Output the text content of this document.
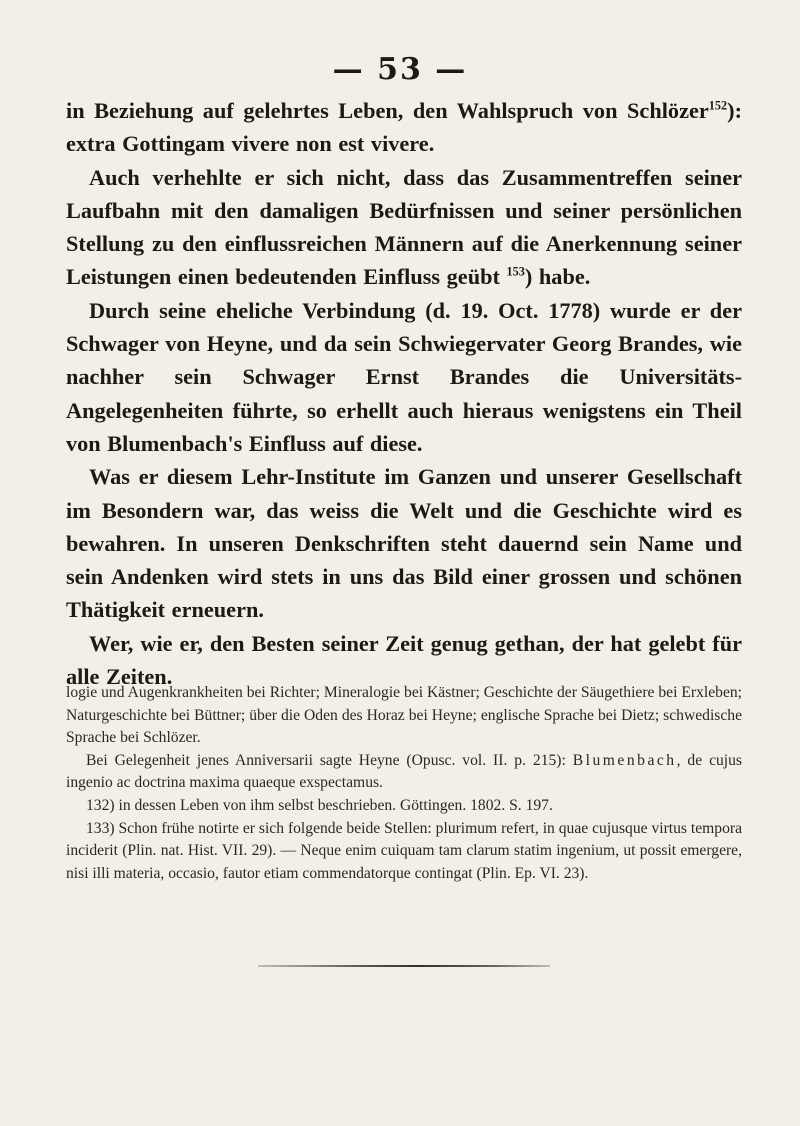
— 53 —

in Beziehung auf gelehrtes Leben, den Wahlspruch von Schlözer$^{152}$): extra Gottingam vivere non est vivere.

Auch verhehlte er sich nicht, dass das Zusammentreffen seiner Laufbahn mit den damaligen Bedürfnissen und seiner persönlichen Stellung zu den einflussreichen Männern auf die Anerkennung seiner Leistungen einen bedeutenden Einfluss geübt $^{153}$) habe.

Durch seine eheliche Verbindung (d. 19. Oct. 1778) wurde er der Schwager von Heyne, und da sein Schwiegervater Georg Brandes, wie nachher sein Schwager Ernst Brandes die Universitäts-Angelegenheiten führte, so erhellt auch hieraus wenigstens ein Theil von Blumenbach's Einfluss auf diese.

Was er diesem Lehr-Institute im Ganzen und unserer Gesellschaft im Besondern war, das weiss die Welt und die Geschichte wird es bewahren. In unseren Denkschriften steht dauernd sein Name und sein Andenken wird stets in uns das Bild einer grossen und schönen Thätigkeit erneuern.

Wer, wie er, den Besten seiner Zeit genug gethan, der hat gelebt für alle Zeiten.

logie und Augenkrankheiten bei Richter; Mineralogie bei Kästner; Geschichte der Säugethiere bei Erxleben; Naturgeschichte bei Büttner; über die Oden des Horaz bei Heyne; englische Sprache bei Dietz; schwedische Sprache bei Schlözer.

Bei Gelegenheit jenes Anniversarii sagte Heyne (Opusc. vol. II. p. 215): Blumenbach, de cujus ingenio ac doctrina maxima quaeque exspectamus.

132) in dessen Leben von ihm selbst beschrieben. Göttingen. 1802. S. 197.

133) Schon frühe notirte er sich folgende beide Stellen: plurimum refert, in quae cujusque virtus tempora inciderit (Plin. nat. Hist. VII. 29). — Neque enim cuiquam tam clarum statim ingenium, ut possit emergere, nisi illi materia, occasio, fautor etiam commendatorque contingat (Plin. Ep. VI. 23).
